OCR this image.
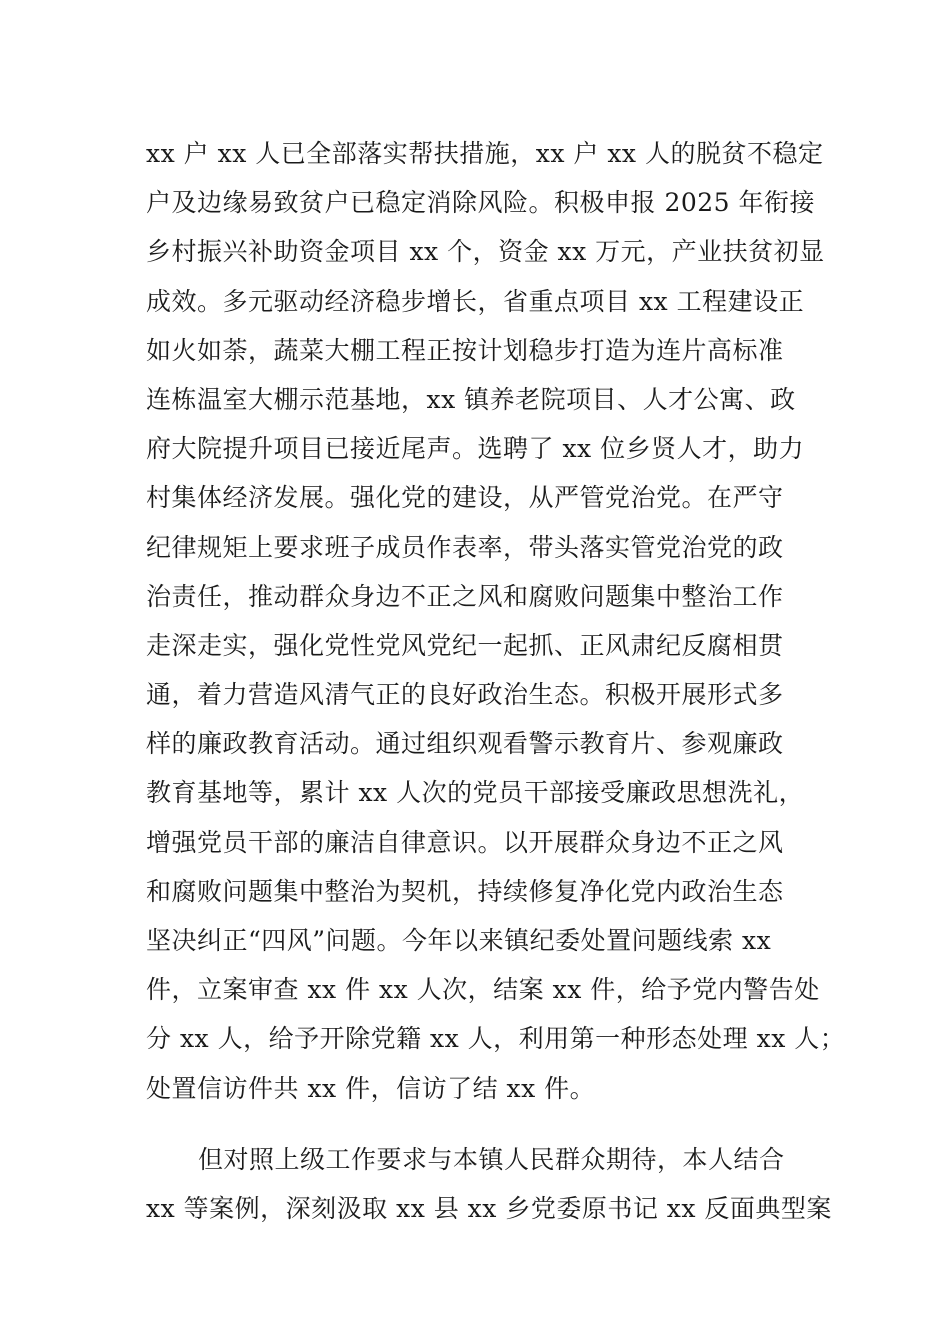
xx 户 xx 人已全部落实帮扶措施，xx 户 xx 人的脱贫不稳定
户及边缘易致贫户已稳定消除风险。积极申报 2025 年衔接
乡村振兴补助资金项目 xx 个，资金 xx 万元，产业扶贫初显
成效。多元驱动经济稳步增长，省重点项目 xx 工程建设正
如火如荼，蔬菜大棚工程正按计划稳步打造为连片高标准
连栋温室大棚示范基地，xx 镇养老院项目、人才公寓、政
府大院提升项目已接近尾声。选聘了 xx 位乡贤人才，助力
村集体经济发展。强化党的建设，从严管党治党。在严守
纪律规矩上要求班子成员作表率，带头落实管党治党的政
治责任，推动群众身边不正之风和腐败问题集中整治工作
走深走实，强化党性党风党纪一起抓、正风肃纪反腐相贯
通，着力营造风清气正的良好政治生态。积极开展形式多
样的廉政教育活动。通过组织观看警示教育片、参观廉政
教育基地等，累计 xx 人次的党员干部接受廉政思想洗礼，
增强党员干部的廉洁自律意识。以开展群众身边不正之风
和腐败问题集中整治为契机，持续修复净化党内政治生态
坚决纠正“四风”问题。今年以来镇纪委处置问题线索 xx
件，立案审查 xx 件 xx 人次，结案 xx 件，给予党内警告处
分 xx 人，给予开除党籍 xx 人，利用第一种形态处理 xx 人；
处置信访件共 xx 件，信访了结 xx 件。
但对照上级工作要求与本镇人民群众期待，本人结合
xx 等案例，深刻汲取 xx 县 xx 乡党委原书记 xx 反面典型案
